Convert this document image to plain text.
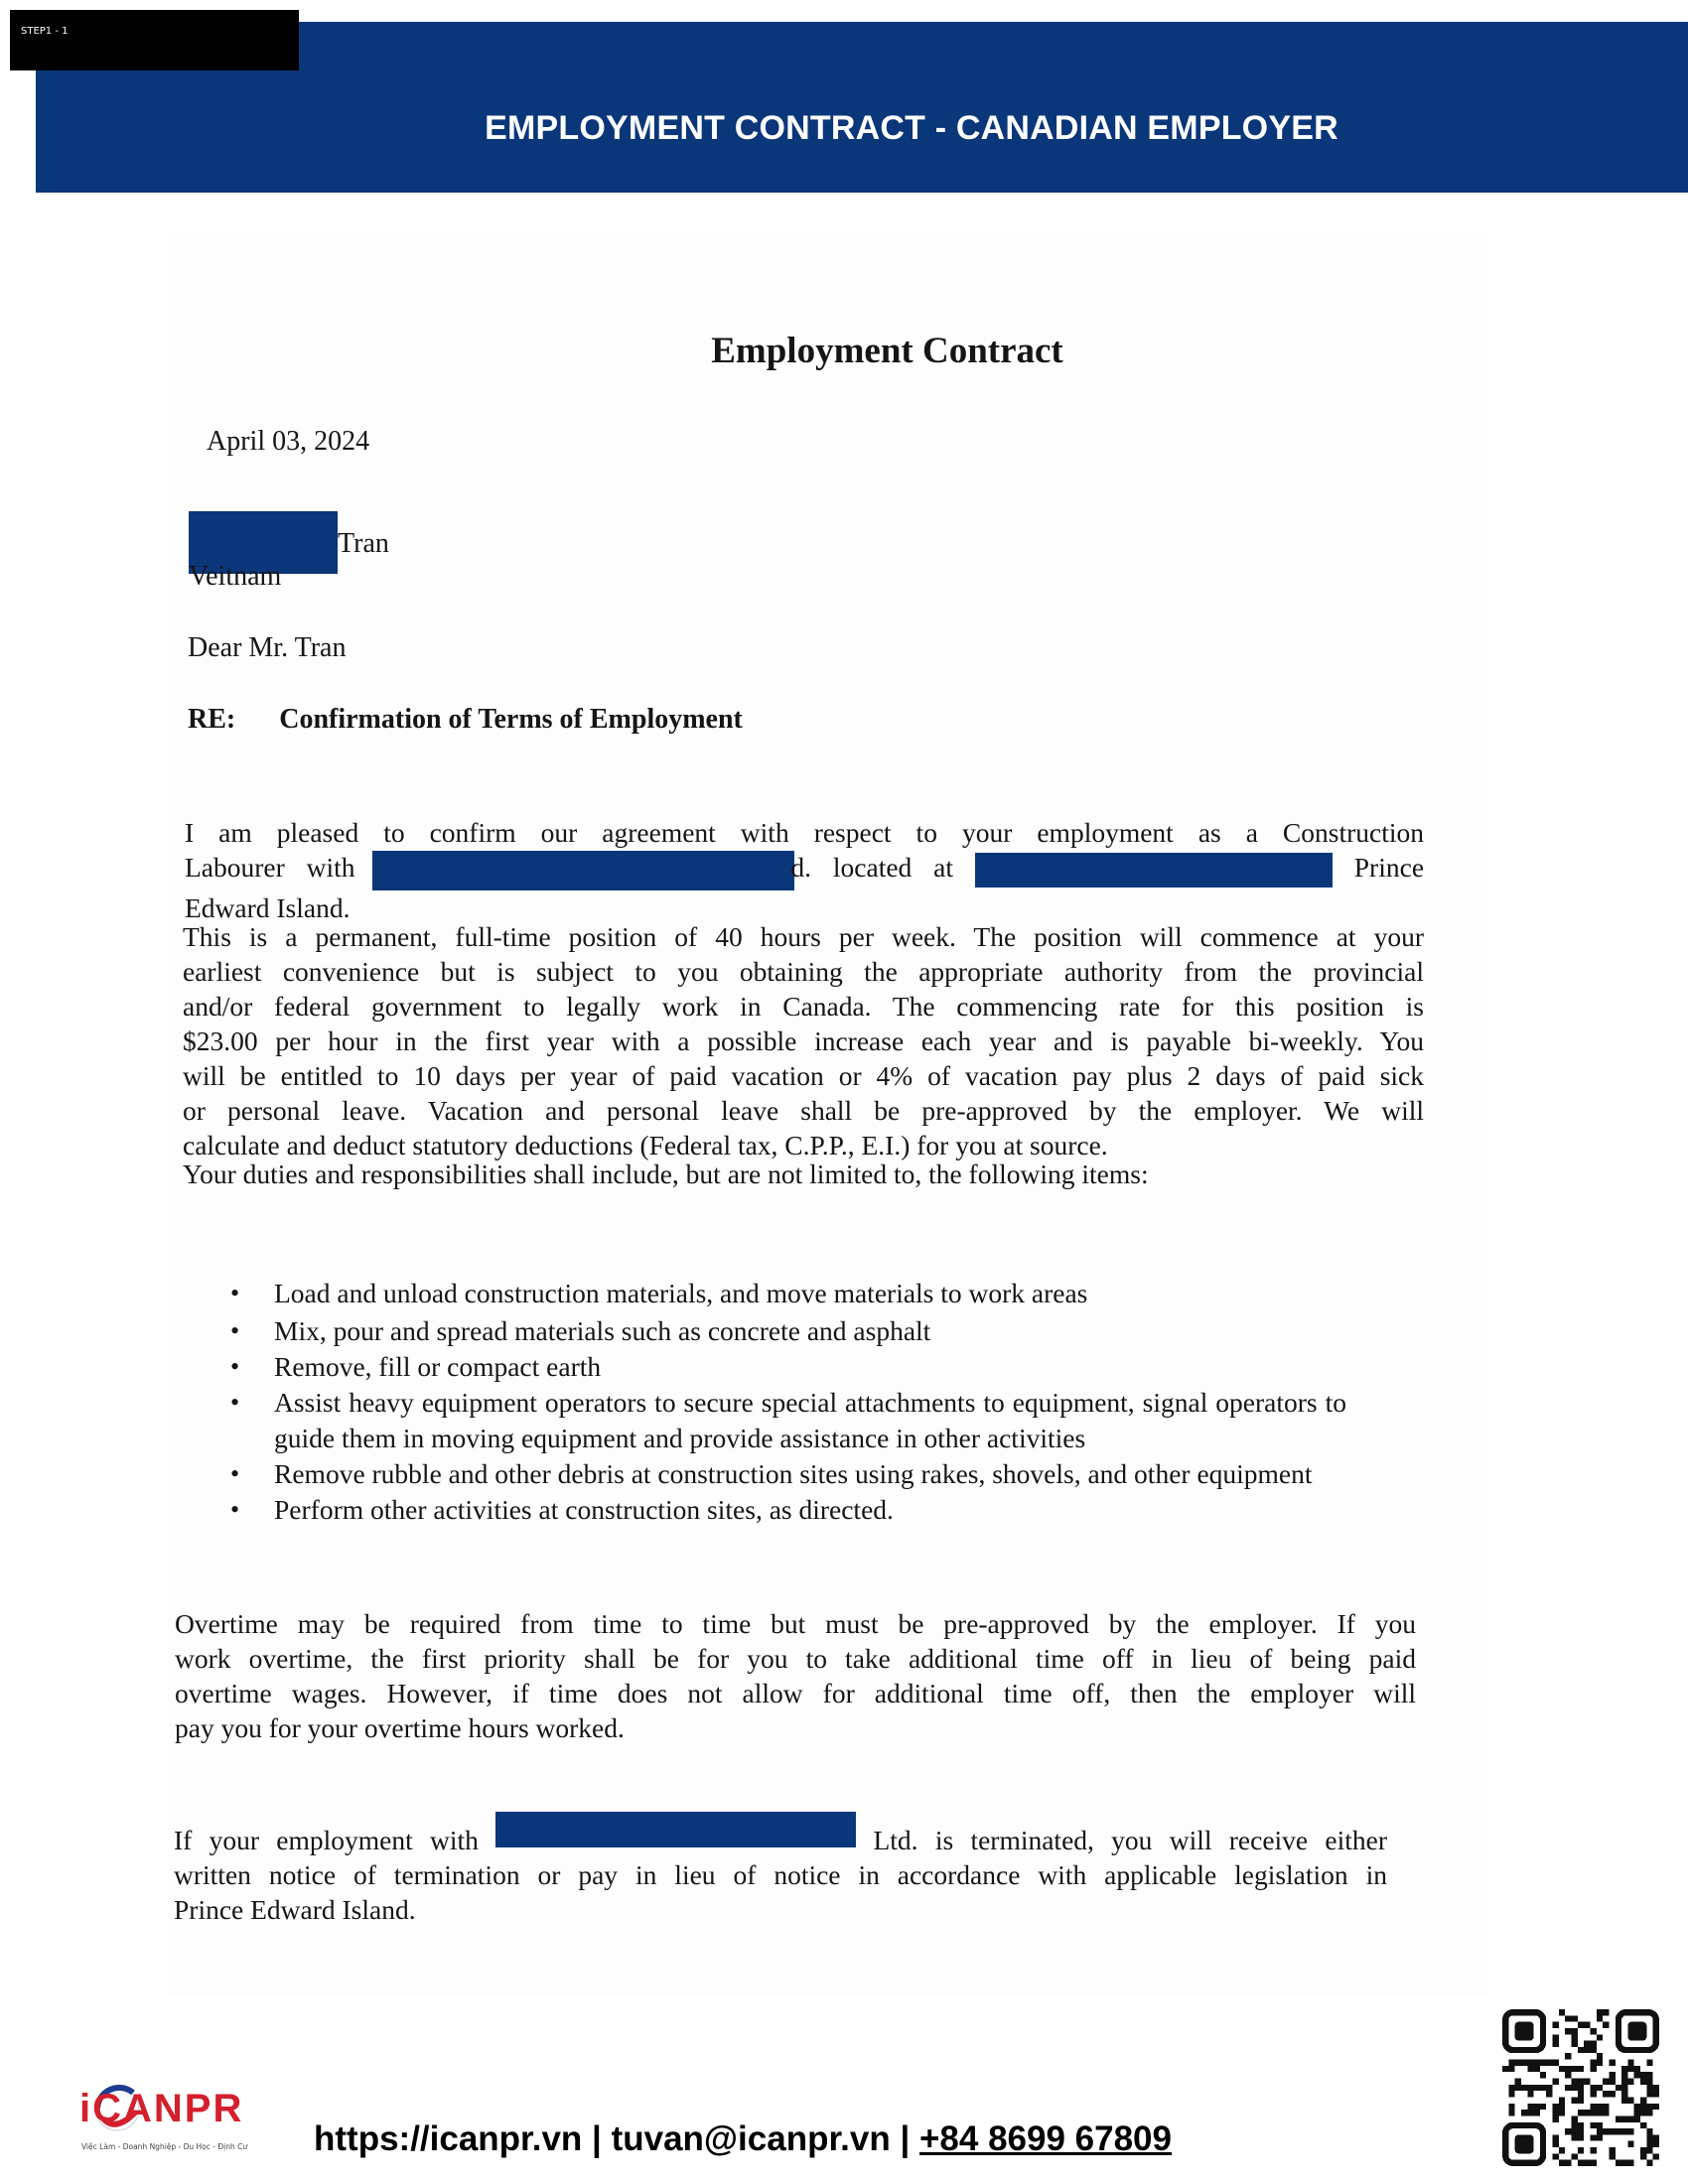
EMPLOYMENT CONTRACT - CANADIAN EMPLOYER
STEP1 - 1
Employment Contract
April 03, 2024
Tran
Veitnam
Dear Mr. Tran
RE: Confirmation of Terms of Employment
I am pleased to confirm our agreement with respect to your employment as a Construction
Labourer with	d. located at	Prince
Edward Island.
This is a permanent, full-time position of 40 hours per week. The position will commence at your
earliest convenience but is subject to you obtaining the appropriate authority from the provincial
and/or federal government to legally work in Canada. The commencing rate for this position is
$23.00 per hour in the first year with a possible increase each year and is payable bi-weekly. You
will be entitled to 10 days per year of paid vacation or 4% of vacation pay plus 2 days of paid sick
or personal leave. Vacation and personal leave shall be pre-approved by the employer. We will
calculate and deduct statutory deductions (Federal tax, C.P.P., E.I.) for you at source.
Your duties and responsibilities shall include, but are not limited to, the following items:
• Load and unload construction materials, and move materials to work areas
• Mix, pour and spread materials such as concrete and asphalt
• Remove, fill or compact earth
• Assist heavy equipment operators to secure special attachments to equipment, signal operators to guide them in moving equipment and provide assistance in other activities
• Remove rubble and other debris at construction sites using rakes, shovels, and other equipment
• Perform other activities at construction sites, as directed.
Overtime may be required from time to time but must be pre-approved by the employer. If you
work overtime, the first priority shall be for you to take additional time off in lieu of being paid
overtime wages. However, if time does not allow for additional time off, then the employer will
pay you for your overtime hours worked.
If your employment with	Ltd. is terminated, you will receive either
written notice of termination or pay in lieu of notice in accordance with applicable legislation in
Prince Edward Island.
iCANPR
Việc Làm - Doanh Nghiệp - Du Học - Định Cư https://icanpr.vn | tuvan@icanpr.vn | +84 8699 67809
